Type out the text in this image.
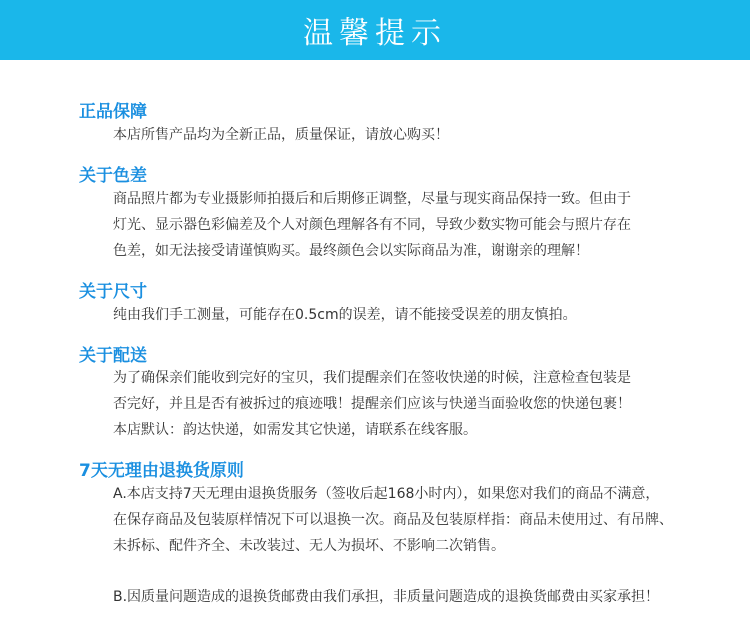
温馨提示
正品保障
本店所售产品均为全新正品，质量保证，请放心购买！
关于色差
商品照片都为专业摄影师拍摄后和后期修正调整，尽量与现实商品保持一致。但由于
灯光、显示器色彩偏差及个人对颜色理解各有不同，导致少数实物可能会与照片存在
色差，如无法接受请谨慎购买。最终颜色会以实际商品为准，谢谢亲的理解！
关于尺寸
纯由我们手工测量，可能存在0.5cm的误差，请不能接受误差的朋友慎拍。
关于配送
为了确保亲们能收到完好的宝贝，我们提醒亲们在签收快递的时候，注意检查包装是
否完好，并且是否有被拆过的痕迹哦！提醒亲们应该与快递当面验收您的快递包裹！
本店默认：韵达快递，如需发其它快递，请联系在线客服。
7天无理由退换货原则
A.本店支持7天无理由退换货服务（签收后起168小时内），如果您对我们的商品不满意，
在保存商品及包装原样情况下可以退换一次。商品及包装原样指：商品未使用过、有吊牌、
未拆标、配件齐全、未改装过、无人为损坏、不影响二次销售。
B.因质量问题造成的退换货邮费由我们承担，非质量问题造成的退换货邮费由买家承担！
